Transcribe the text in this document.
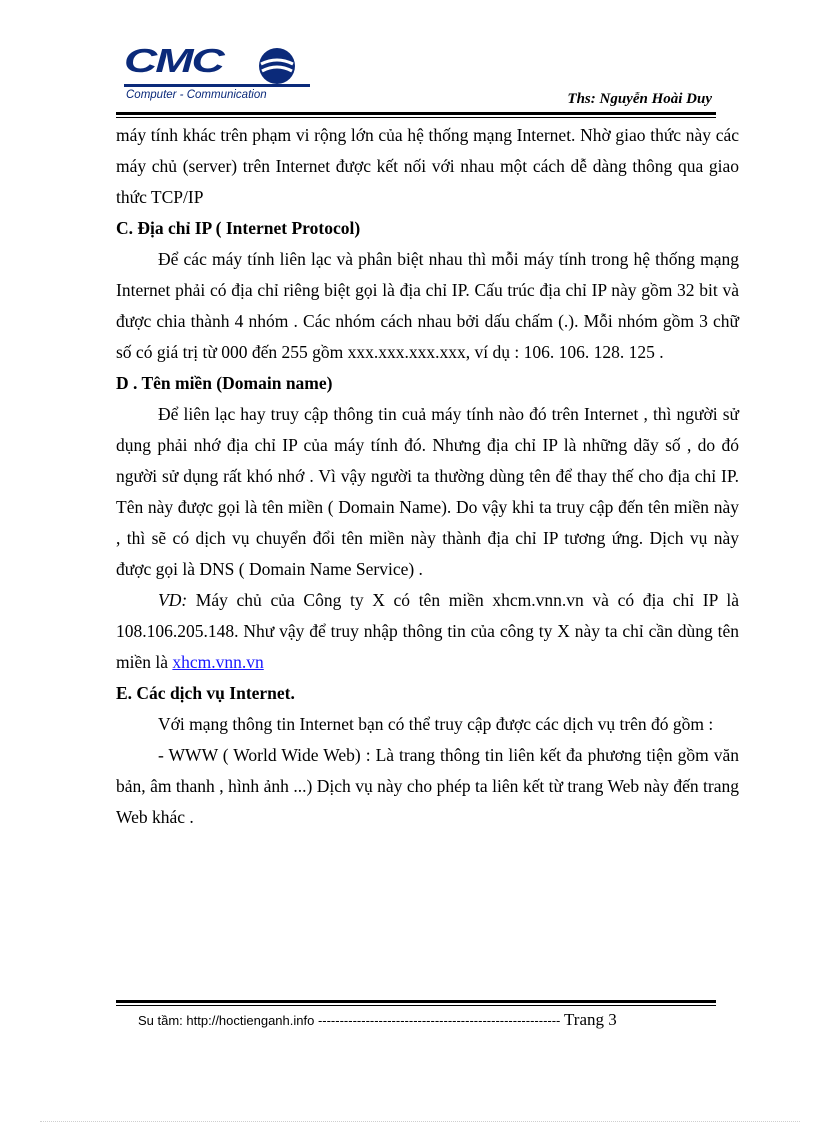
CMC
Computer - Communication	Ths: Nguyễn Hoài Duy

máy tính khác trên phạm vi rộng lớn của hệ thống mạng Internet. Nhờ giao thức này các máy chủ (server) trên Internet được kết nối với nhau một cách dễ dàng thông qua giao thức TCP/IP

C. Địa chỉ IP ( Internet Protocol)

Để các máy tính liên lạc và phân biệt nhau thì mỗi máy tính trong hệ thống mạng Internet phải có địa chỉ riêng biệt gọi là địa chỉ IP. Cấu trúc địa chỉ IP này gồm 32 bit và được chia thành 4 nhóm . Các nhóm cách nhau bởi dấu chấm (.). Mỗi nhóm gồm 3 chữ số có giá trị từ 000 đến 255 gồm xxx.xxx.xxx.xxx, ví dụ : 106. 106. 128. 125 .

D . Tên miền (Domain name)

Để liên lạc hay truy cập thông tin cuả máy tính nào đó trên Internet , thì người sử dụng phải nhớ địa chỉ IP của máy tính đó. Nhưng địa chỉ IP là những dãy số , do đó người sử dụng rất khó nhớ . Vì vậy người ta thường dùng tên để thay thế cho địa chỉ IP. Tên này được gọi là tên miền ( Domain Name). Do vậy khi ta truy cập đến tên miền này , thì sẽ có dịch vụ chuyển đổi tên miền này thành địa chỉ IP tương ứng. Dịch vụ này được gọi là DNS ( Domain Name Service) .

VD: Máy chủ của Công ty X có tên miền xhcm.vnn.vn và có địa chỉ IP là 108.106.205.148. Như vậy để truy nhập thông tin của công ty X này ta chỉ cần dùng tên miền là xhcm.vnn.vn

E. Các dịch vụ Internet.

Với mạng thông tin Internet bạn có thể truy cập được các dịch vụ trên đó gồm :

- WWW ( World Wide Web) : Là trang thông tin liên kết đa phương tiện gồm văn bản, âm thanh , hình ảnh ...) Dịch vụ này cho phép ta liên kết từ trang Web này đến trang Web khác .

Su tầm: http://hoctienganh.info -------------------------------------------------------- Trang 3
